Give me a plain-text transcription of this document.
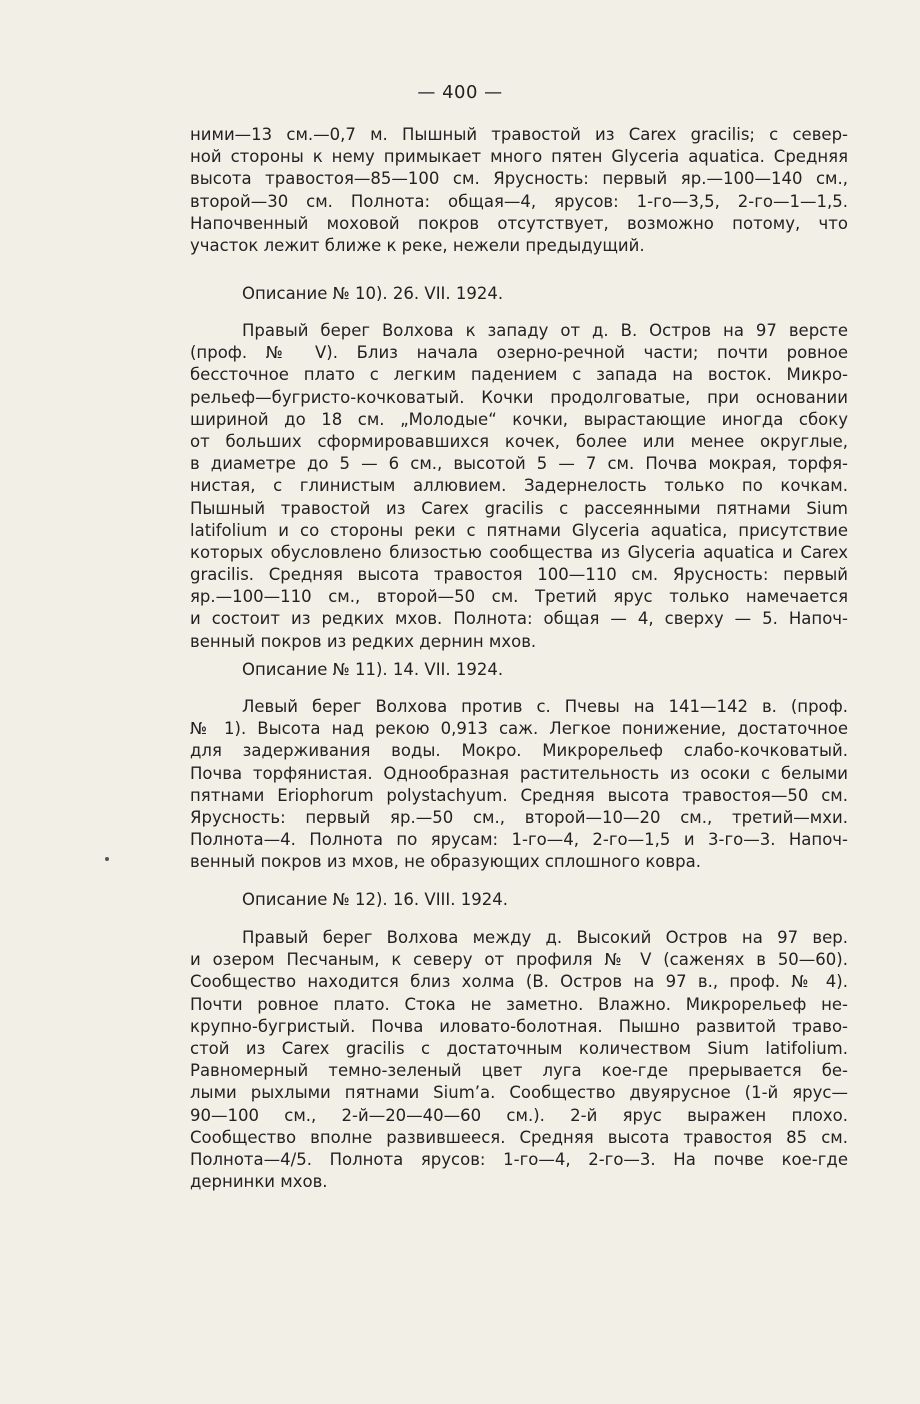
— 400 —
ними—13 см.—0,7 м. Пышный травостой из Carex gracilis; с север-
ной стороны к нему примыкает много пятен Glyceria aquatica. Средняя
высота травостоя—85—100 см. Ярусность: первый яр.—100—140 см.,
второй—30 см. Полнота: общая—4, ярусов: 1-го—3,5, 2-го—1—1,5.
Напочвенный моховой покров отсутствует, возможно потому, что
участок лежит ближе к реке, нежели предыдущий.
Описание № 10). 26. VII. 1924.
Правый берег Волхова к западу от д. В. Остров на 97 версте
(проф. № V). Близ начала озерно-речной части; почти ровное
бессточное плато с легким падением с запада на восток. Микро-
рельеф—бугристо-кочковатый. Кочки продолговатые, при основании
шириной до 18 см. „Молодые“ кочки, вырастающие иногда сбоку
от больших сформировавшихся кочек, более или менее округлые,
в диаметре до 5 — 6 см., высотой 5 — 7 см. Почва мокрая, торфя-
нистая, с глинистым аллювием. Задернелость только по кочкам.
Пышный травостой из Carex gracilis с рассеянными пятнами Sium
latifolium и со стороны реки с пятнами Glyceria aquatica, присутствие
которых обусловлено близостью сообщества из Glyceria aquatica и Carex
gracilis. Средняя высота травостоя 100—110 см. Ярусность: первый
яр.—100—110 см., второй—50 см. Третий ярус только намечается
и состоит из редких мхов. Полнота: общая — 4, сверху — 5. Напоч-
венный покров из редких дернин мхов.
Описание № 11). 14. VII. 1924.
Левый берег Волхова против с. Пчевы на 141—142 в. (проф.
№ 1). Высота над рекою 0,913 саж. Легкое понижение, достаточное
для задерживания воды. Мокро. Микрорельеф слабо-кочковатый.
Почва торфянистая. Однообразная растительность из осоки с белыми
пятнами Eriophorum polystachyum. Средняя высота травостоя—50 см.
Ярусность: первый яр.—50 см., второй—10—20 см., третий—мхи.
Полнота—4. Полнота по ярусам: 1-го—4, 2-го—1,5 и 3-го—3. Напоч-
венный покров из мхов, не образующих сплошного ковра.
Описание № 12). 16. VIII. 1924.
Правый берег Волхова между д. Высокий Остров на 97 вер.
и озером Песчаным, к северу от профиля № V (саженях в 50—60).
Сообщество находится близ холма (В. Остров на 97 в., проф. № 4).
Почти ровное плато. Стока не заметно. Влажно. Микрорельеф не-
крупно-бугристый. Почва иловато-болотная. Пышно развитой траво-
стой из Carex gracilis с достаточным количеством Sium latifolium.
Равномерный темно-зеленый цвет луга кое-где прерывается бе-
лыми рыхлыми пятнами Sium’a. Сообщество двуярусное (1-й ярус—
90—100 см., 2-й—20—40—60 см.). 2-й ярус выражен плохо.
Сообщество вполне развившееся. Средняя высота травостоя 85 см.
Полнота—4/5. Полнота ярусов: 1-го—4, 2-го—3. На почве кое-где
дернинки мхов.
